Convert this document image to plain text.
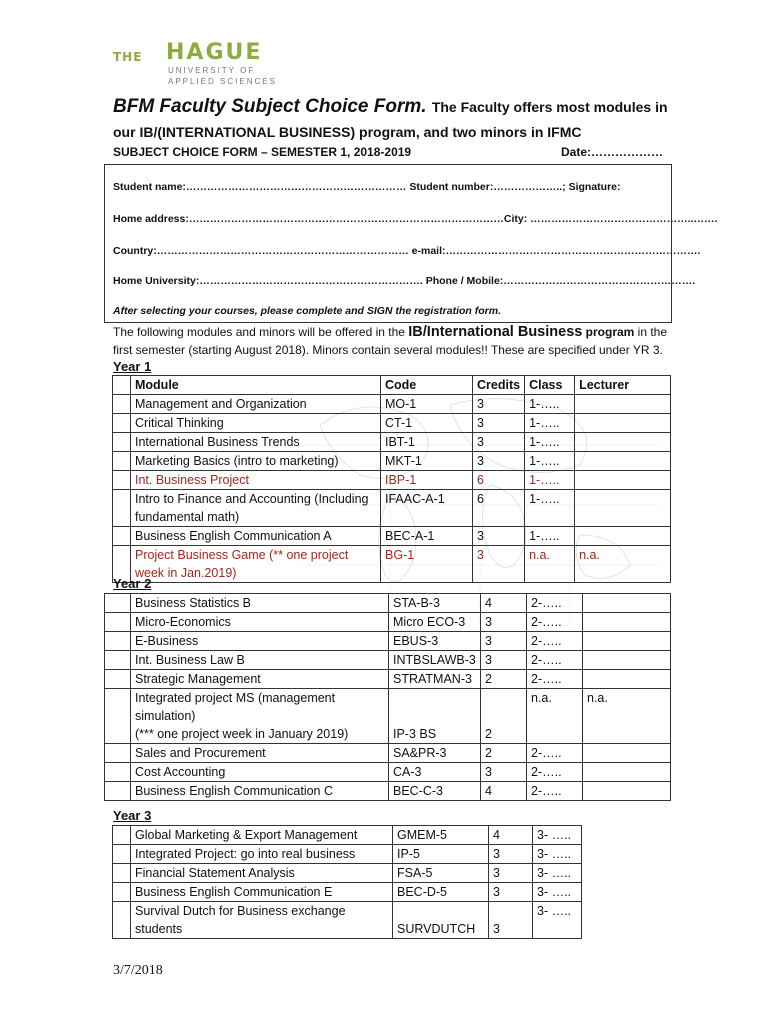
THE HAGUE
UNIVERSITY OF
APPLIED SCIENCES
BFM Faculty Subject Choice Form. The Faculty offers most modules in
our IB/(INTERNATIONAL BUSINESS) program, and two minors in IFMC
SUBJECT CHOICE FORM – SEMESTER 1, 2018-2019	Date:………………
Student name:……………………………………………………… Student number:………………..; Signature:
Home address:………………………………………………………………………………City: ………………………………………..…….
Country:……………………………………………………………… e-mail:……………………………………………………………….
Home University:………………………………………………………. Phone / Mobile:……………………………………………….
After selecting your courses, please complete and SIGN the registration form.
The following modules and minors will be offered in the IB/International Business program in the
first semester (starting August 2018). Minors contain several modules!! These are specified under YR 3.
Year 1
	Module	Code	Credits	Class	Lecturer
	Management and Organization	MO-1	3	1-…..	
	Critical Thinking	CT-1	3	1-…..	
	International Business Trends	IBT-1	3	1-…..	
	Marketing Basics (intro to marketing)	MKT-1	3	1-…..	
	Int. Business Project	IBP-1	6	1-…..	
	Intro to Finance and Accounting (Including fundamental math)	IFAAC-A-1	6	1-…..	
	Business English Communication A	BEC-A-1	3	1-…..	
	Project Business Game (** one project week in Jan.2019)	BG-1	3	n.a.	n.a.
Year 2
	Business Statistics B	STA-B-3	4	2-…..	
	Micro-Economics	Micro ECO-3	3	2-…..	
	E-Business	EBUS-3	3	2-…..	
	Int. Business Law B	INTBSLAWB-3	3	2-…..	
	Strategic Management	STRATMAN-3	2	2-…..	
	Integrated project MS (management simulation)
(*** one project week in January 2019)	IP-3 BS	2	n.a.	n.a.
	Sales and Procurement	SA&PR-3	2	2-…..	
	Cost Accounting	CA-3	3	2-…..	
	Business English Communication C	BEC-C-3	4	2-…..	
Year 3
	Global Marketing & Export Management	GMEM-5	4	3- …..
	Integrated Project: go into real business	IP-5	3	3- …..
	Financial Statement Analysis	FSA-5	3	3- …..
	Business English Communication E	BEC-D-5	3	3- …..
	Survival Dutch for Business exchange students	SURVDUTCH	3	3- …..
3/7/2018
